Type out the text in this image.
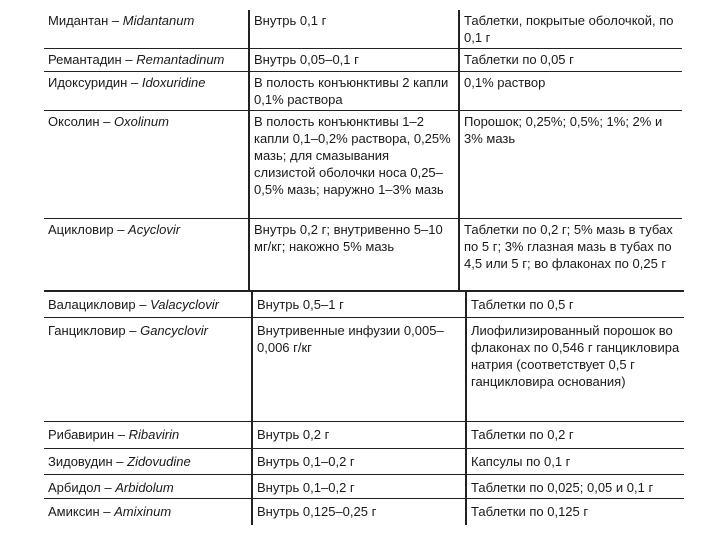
Мидантан – Midantanum	Внутрь 0,1 г	Таблетки, покрытые оболочкой, по 0,1 г
Ремантадин – Remantadinum	Внутрь 0,05–0,1 г	Таблетки по 0,05 г
Идоксуридин – Idoxuridine	В полость конъюнктивы 2 капли 0,1% раствора	0,1% раствор
Оксолин – Oxolinum	В полость конъюнктивы 1–2 капли 0,1–0,2% раствора, 0,25% мазь; для смазывания слизистой оболочки носа 0,25–0,5% мазь; наружно 1–3% мазь	Порошок; 0,25%; 0,5%; 1%; 2% и 3% мазь
Ацикловир – Acyclovir	Внутрь 0,2 г; внутривенно 5–10 мг/кг; накожно 5% мазь	Таблетки по 0,2 г; 5% мазь в тубах по 5 г; 3% глазная мазь в тубах по 4,5 или 5 г; во флаконах по 0,25 г
Валацикловир – Valacyclovir	Внутрь 0,5–1 г	Таблетки по 0,5 г
Ганцикловир – Gancyclovir	Внутривенные инфузии 0,005–0,006 г/кг	Лиофилизированный порошок во флаконах по 0,546 г ганцикловира натрия (соответствует 0,5 г ганцикловира основания)
Рибавирин – Ribavirin	Внутрь 0,2 г	Таблетки по 0,2 г
Зидовудин – Zidovudine	Внутрь 0,1–0,2 г	Капсулы по 0,1 г
Арбидол – Arbidolum	Внутрь 0,1–0,2 г	Таблетки по 0,025; 0,05 и 0,1 г
Амиксин – Amixinum	Внутрь 0,125–0,25 г	Таблетки по 0,125 г
